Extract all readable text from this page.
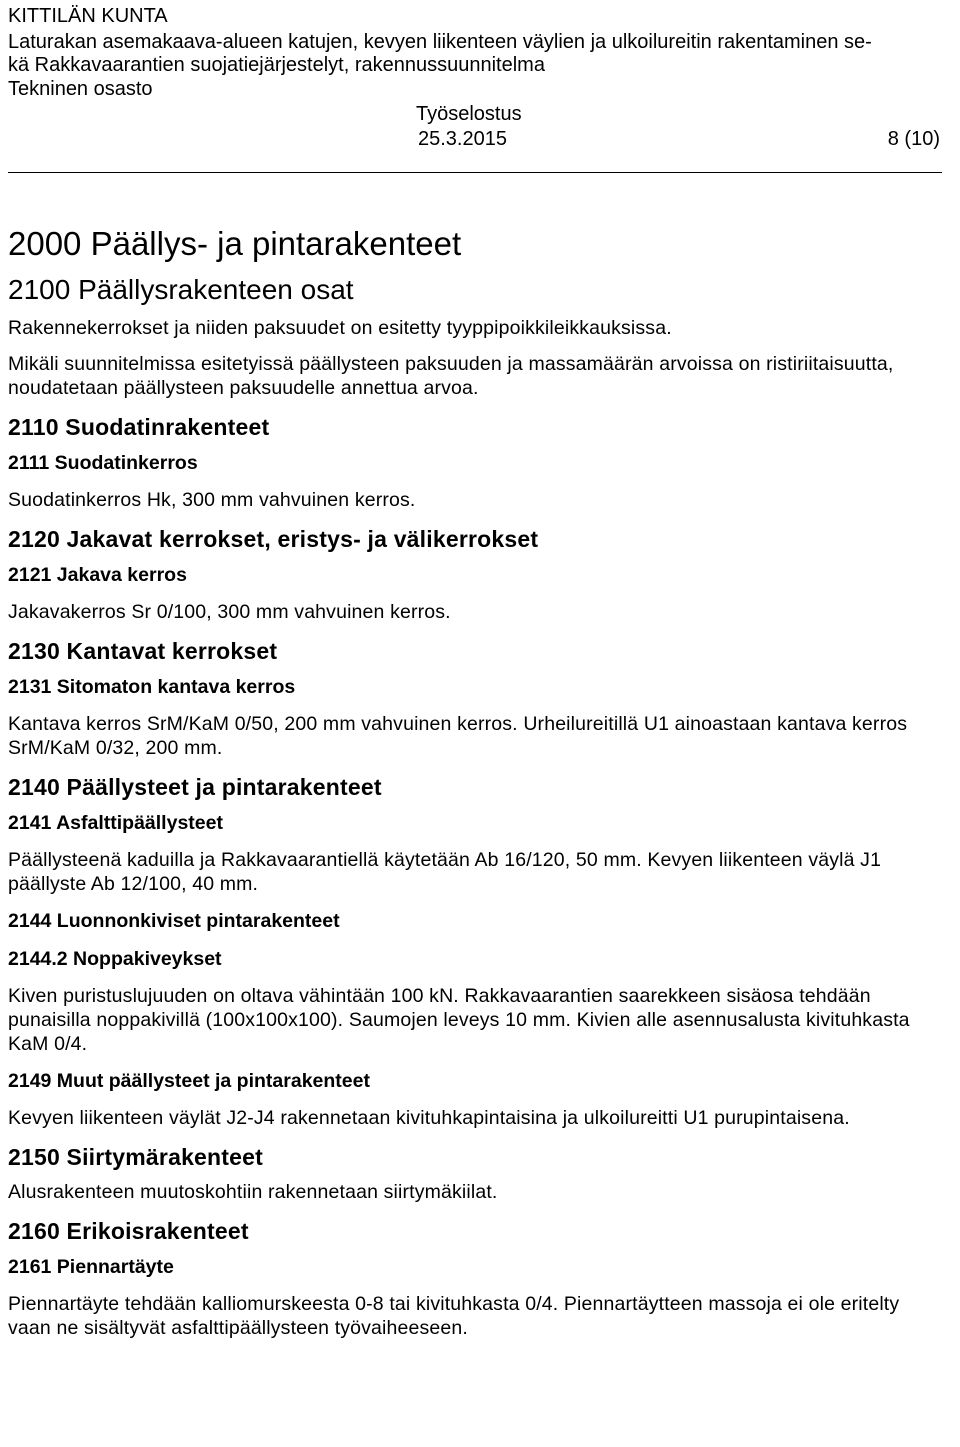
KITTILÄN KUNTA
Laturakan asemakaava-alueen katujen, kevyen liikenteen väylien ja ulkoilureitin rakentaminen se-
kä Rakkavaarantien suojatiejärjestelyt, rakennussuunnitelma
Tekninen osasto
Työselostus
25.3.2015	8 (10)
2000 Päällys- ja pintarakenteet
2100 Päällysrakenteen osat
Rakennekerrokset ja niiden paksuudet on esitetty tyyppipoikkileikkauksissa.
Mikäli suunnitelmissa esitetyissä päällysteen paksuuden ja massamäärän arvoissa on ristiriitaisuutta, noudatetaan päällysteen paksuudelle annettua arvoa.
2110 Suodatinrakenteet
2111 Suodatinkerros
Suodatinkerros Hk, 300 mm vahvuinen kerros.
2120 Jakavat kerrokset, eristys- ja välikerrokset
2121 Jakava kerros
Jakavakerros Sr 0/100, 300 mm vahvuinen kerros.
2130 Kantavat kerrokset
2131 Sitomaton kantava kerros
Kantava kerros SrM/KaM 0/50, 200 mm vahvuinen kerros. Urheilureitillä U1 ainoastaan kantava kerros SrM/KaM 0/32, 200 mm.
2140 Päällysteet ja pintarakenteet
2141 Asfalttipäällysteet
Päällysteenä kaduilla ja Rakkavaarantiellä käytetään Ab 16/120, 50 mm. Kevyen liikenteen väylä J1 päällyste Ab 12/100, 40 mm.
2144 Luonnonkiviset pintarakenteet
2144.2 Noppakiveykset
Kiven puristuslujuuden on oltava vähintään 100 kN. Rakkavaarantien saarekkeen sisäosa tehdään punaisilla noppakivillä (100x100x100). Saumojen leveys 10 mm. Kivien alle asennusalusta kivituhkasta KaM 0/4.
2149 Muut päällysteet ja pintarakenteet
Kevyen liikenteen väylät J2-J4 rakennetaan kivituhkapintaisina ja ulkoilureitti U1 purupintaisena.
2150 Siirtymärakenteet
Alusrakenteen muutoskohtiin rakennetaan siirtymäkiilat.
2160 Erikoisrakenteet
2161 Piennartäyte
Piennartäyte tehdään kalliomurskeesta 0-8 tai kivituhkasta 0/4. Piennartäytteen massoja ei ole eritelty vaan ne sisältyvät asfalttipäällysteen työvaiheeseen.
